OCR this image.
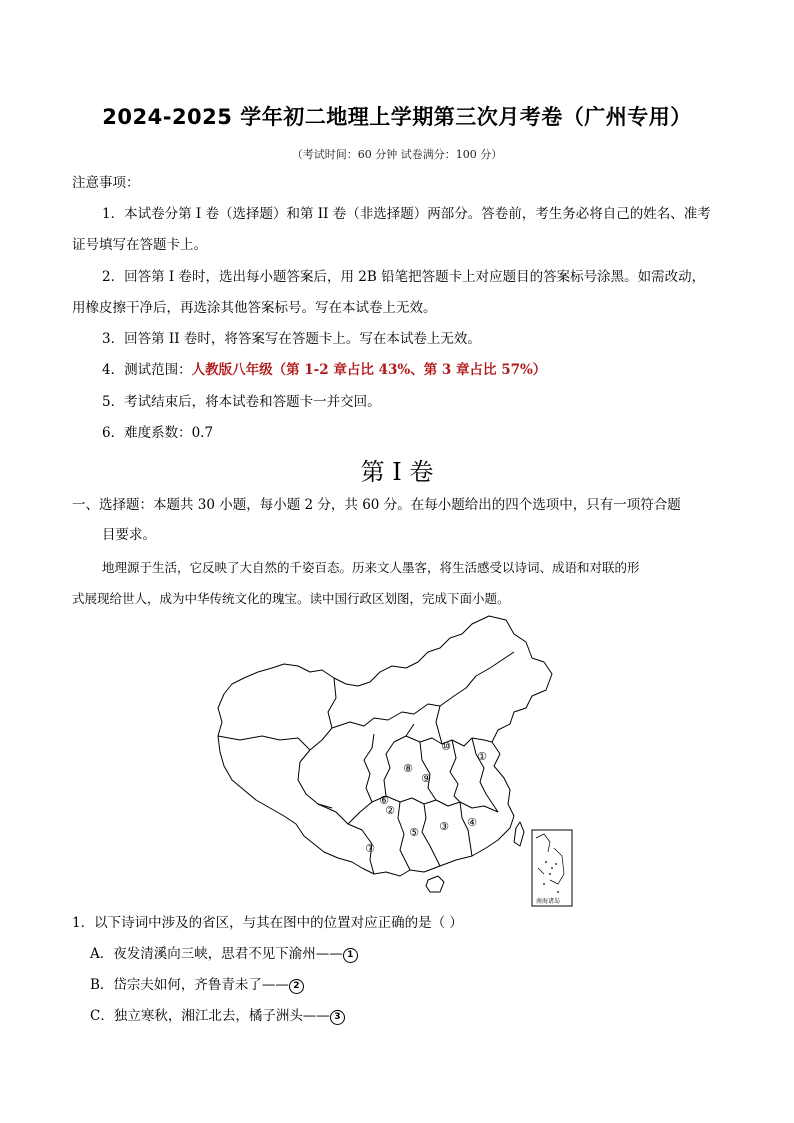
2024-2025 学年初二地理上学期第三次月考卷（广州专用）
（考试时间：60 分钟 试卷满分：100 分）
注意事项：
1．本试卷分第 I 卷（选择题）和第 II 卷（非选择题）两部分。答卷前，考生务必将自己的姓名、准考
证号填写在答题卡上。
2．回答第 I 卷时，选出每小题答案后，用 2B 铅笔把答题卡上对应题目的答案标号涂黑。如需改动，
用橡皮擦干净后，再选涂其他答案标号。写在本试卷上无效。
3．回答第 II 卷时，将答案写在答题卡上。写在本试卷上无效。
4．测试范围：人教版八年级（第 1-2 章占比 43%、第 3 章占比 57%）
5．考试结束后，将本试卷和答题卡一并交回。
6．难度系数：0.7
第 I 卷
一、选择题：本题共 30 小题，每小题 2 分，共 60 分。在每小题给出的四个选项中，只有一项符合题
目要求。
地理源于生活，它反映了大自然的千姿百态。历来文人墨客，将生活感受以诗词、成语和对联的形
式展现给世人，成为中华传统文化的瑰宝。读中国行政区划图，完成下面小题。
南海诸岛
①
②
③ ④
⑤
⑥
⑦
⑧
⑨
⑩
1．以下诗词中涉及的省区，与其在图中的位置对应正确的是（ ）
A．夜发清溪向三峡，思君不见下渝州—— 1
B．岱宗夫如何，齐鲁青未了—— 2
C．独立寒秋，湘江北去，橘子洲头—— 3
